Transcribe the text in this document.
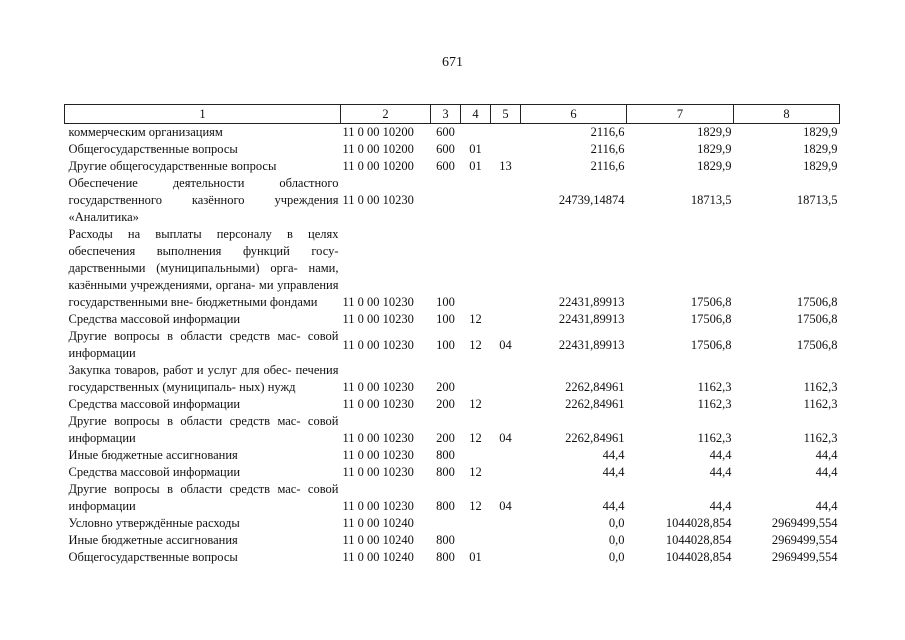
671
1	2	3	4	5	6	7	8
коммерческим организациям	11 0 00 10200	600			2116,6	1829,9	1829,9
Общегосударственные вопросы	11 0 00 10200	600	01		2116,6	1829,9	1829,9
Другие общегосударственные вопросы	11 0 00 10200	600	01	13	2116,6	1829,9	1829,9
Обеспечение деятельности областного государственного казённого учреждения «Аналитика»	11 0 00 10230				24739,14874	18713,5	18713,5
Расходы на выплаты персоналу в целях обеспечения выполнения функций госу- дарственными (муниципальными) орга- нами, казёнными учреждениями, органа- ми управления государственными вне- бюджетными фондами	11 0 00 10230	100			22431,89913	17506,8	17506,8
Средства массовой информации	11 0 00 10230	100	12		22431,89913	17506,8	17506,8
Другие вопросы в области средств мас- совой информации	11 0 00 10230	100	12	04	22431,89913	17506,8	17506,8
Закупка товаров, работ и услуг для обес- печения государственных (муниципаль- ных) нужд	11 0 00 10230	200			2262,84961	1162,3	1162,3
Средства массовой информации	11 0 00 10230	200	12		2262,84961	1162,3	1162,3
Другие вопросы в области средств мас- совой информации	11 0 00 10230	200	12	04	2262,84961	1162,3	1162,3
Иные бюджетные ассигнования	11 0 00 10230	800			44,4	44,4	44,4
Средства массовой информации	11 0 00 10230	800	12		44,4	44,4	44,4
Другие вопросы в области средств мас- совой информации	11 0 00 10230	800	12	04	44,4	44,4	44,4
Условно утверждённые расходы	11 0 00 10240				0,0	1044028,854	2969499,554
Иные бюджетные ассигнования	11 0 00 10240	800			0,0	1044028,854	2969499,554
Общегосударственные вопросы	11 0 00 10240	800	01		0,0	1044028,854	2969499,554
